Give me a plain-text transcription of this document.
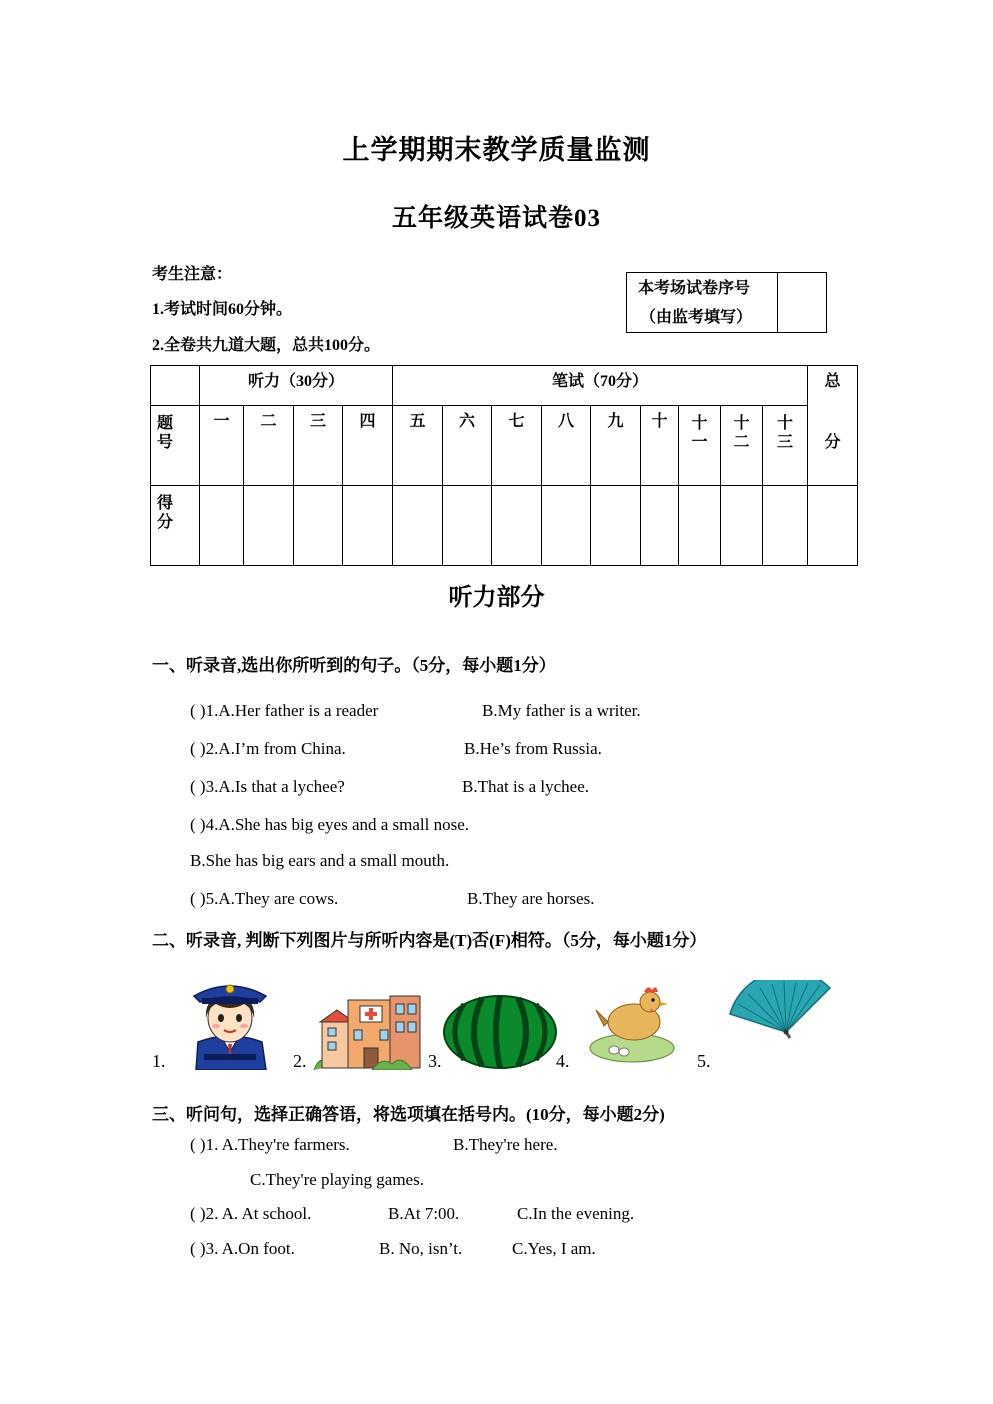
上学期期末教学质量监测
五年级英语试卷03
考生注意：
1.考试时间60分钟。
2.全卷共九道大题，总共100分。
本考场试卷序号
（由监考填写）
	听力（30分）				笔试（70分）									总
分

题号	一	二	三	四	五	六	七	八	九	十	十一	十二	十三	

得分														

听力部分
一、听录音,选出你所听到的句子。（5分，每小题1分）
( )1.A.Her father is a reader	B.My father is a writer.
( )2.A.I’m from China.	B.He’s from Russia.
( )3.A.Is that a lychee?	B.That is a lychee.
( )4.A.She has big eyes and a small nose.
B.She has big ears and a small mouth.
( )5.A.They are cows.	B.They are horses.
二、听录音, 判断下列图片与所听内容是(T)否(F)相符。（5分，每小题1分）
1.	2.	3.	4.	5.
三、听问句，选择正确答语，将选项填在括号内。(10分，每小题2分)
( )1. A.They're farmers.	B.They're here.
C.They're playing games.
( )2. A. At school.	B.At 7:00.	C.In the evening.
( )3. A.On foot.	B. No, isn’t.	C.Yes, I am.
